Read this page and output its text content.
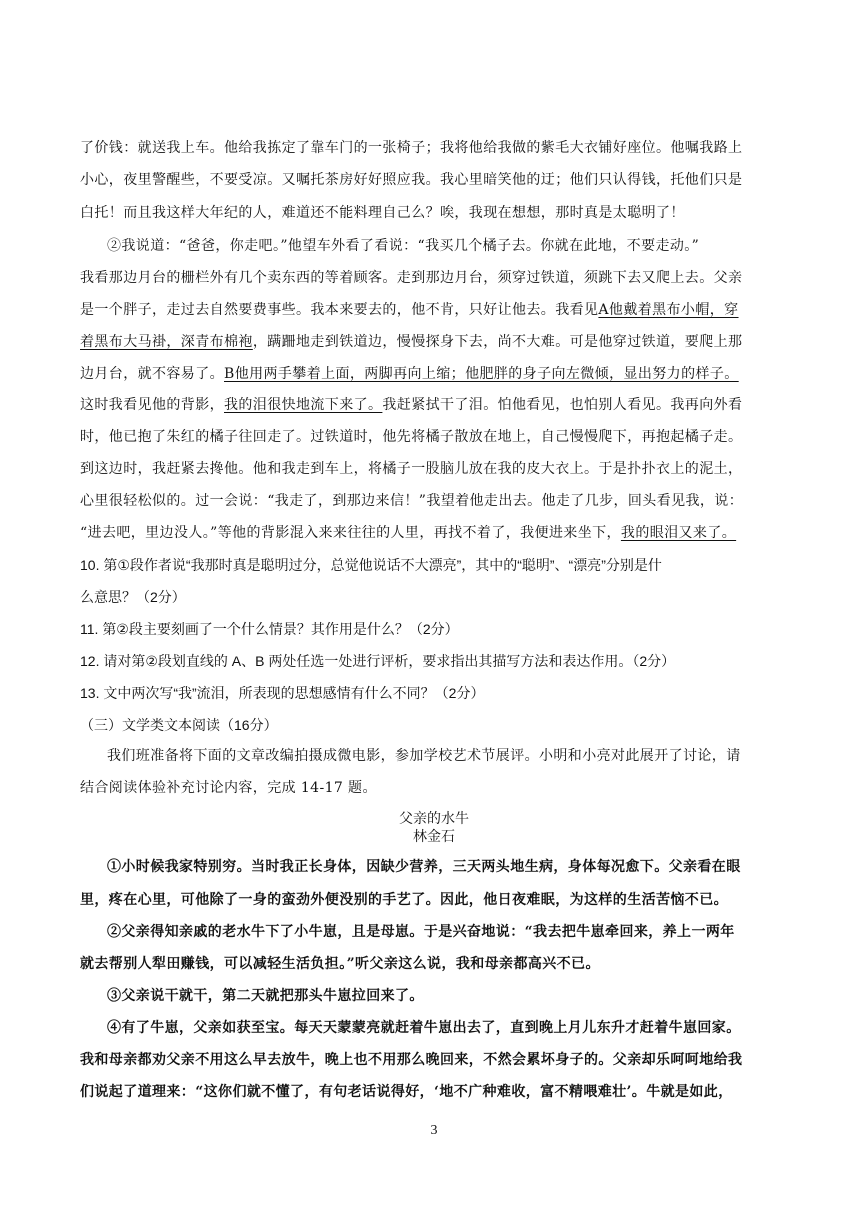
了价钱：就送我上车。他给我拣定了靠车门的一张椅子；我将他给我做的紫毛大衣铺好座位。他嘱我路上

小心，夜里警醒些，不要受凉。又嘱托茶房好好照应我。我心里暗笑他的迂；他们只认得钱，托他们只是

白托！而且我这样大年纪的人，难道还不能料理自己么？唉，我现在想想，那时真是太聪明了！

②我说道：“爸爸，你走吧。”他望车外看了看说：“我买几个橘子去。你就在此地，不要走动。”

我看那边月台的栅栏外有几个卖东西的等着顾客。走到那边月台，须穿过铁道，须跳下去又爬上去。父亲

是一个胖子，走过去自然要费事些。我本来要去的，他不肯，只好让他去。我看见A他戴着黑布小帽，穿

着黑布大马褂，深青布棉袍，蹒跚地走到铁道边，慢慢探身下去，尚不大难。可是他穿过铁道，要爬上那

边月台，就不容易了。B他用两手攀着上面，两脚再向上缩；他肥胖的身子向左微倾，显出努力的样子。

这时我看见他的背影，我的泪很快地流下来了。我赶紧拭干了泪。怕他看见，也怕别人看见。我再向外看

时，他已抱了朱红的橘子往回走了。过铁道时，他先将橘子散放在地上，自己慢慢爬下，再抱起橘子走。

到这边时，我赶紧去搀他。他和我走到车上，将橘子一股脑儿放在我的皮大衣上。于是扑扑衣上的泥土，

心里很轻松似的。过一会说：“我走了，到那边来信！”我望着他走出去。他走了几步，回头看见我，说：

“进去吧，里边没人。”等他的背影混入来来往往的人里，再找不着了，我便进来坐下，我的眼泪又来了。

10. 第①段作者说“我那时真是聪明过分，总觉他说话不大漂亮”，其中的“聪明”、“漂亮”分别是什

么意思？（2分）

11. 第②段主要刻画了一个什么情景？其作用是什么？（2分）

12. 请对第②段划直线的 A、B 两处任选一处进行评析，要求指出其描写方法和表达作用。（2分）

13. 文中两次写“我”流泪，所表现的思想感情有什么不同？（2分）

（三）文学类文本阅读（16分）

我们班准备将下面的文章改编拍摄成微电影，参加学校艺术节展评。小明和小亮对此展开了讨论，请

结合阅读体验补充讨论内容，完成 14-17 题。

父亲的水牛

林金石

①小时候我家特别穷。当时我正长身体，因缺少营养，三天两头地生病，身体每况愈下。父亲看在眼

里，疼在心里，可他除了一身的蛮劲外便没别的手艺了。因此，他日夜难眠，为这样的生活苦恼不已。

②父亲得知亲戚的老水牛下了小牛崽，且是母崽。于是兴奋地说：“我去把牛崽牵回来，养上一两年

就去帮别人犁田赚钱，可以减轻生活负担。”听父亲这么说，我和母亲都高兴不已。

③父亲说干就干，第二天就把那头牛崽拉回来了。

④有了牛崽，父亲如获至宝。每天天蒙蒙亮就赶着牛崽出去了，直到晚上月儿东升才赶着牛崽回家。

我和母亲都劝父亲不用这么早去放牛，晚上也不用那么晚回来，不然会累坏身子的。父亲却乐呵呵地给我

们说起了道理来：“这你们就不懂了，有句老话说得好，‘地不广种难收，富不精喂难壮’。牛就是如此，

3
